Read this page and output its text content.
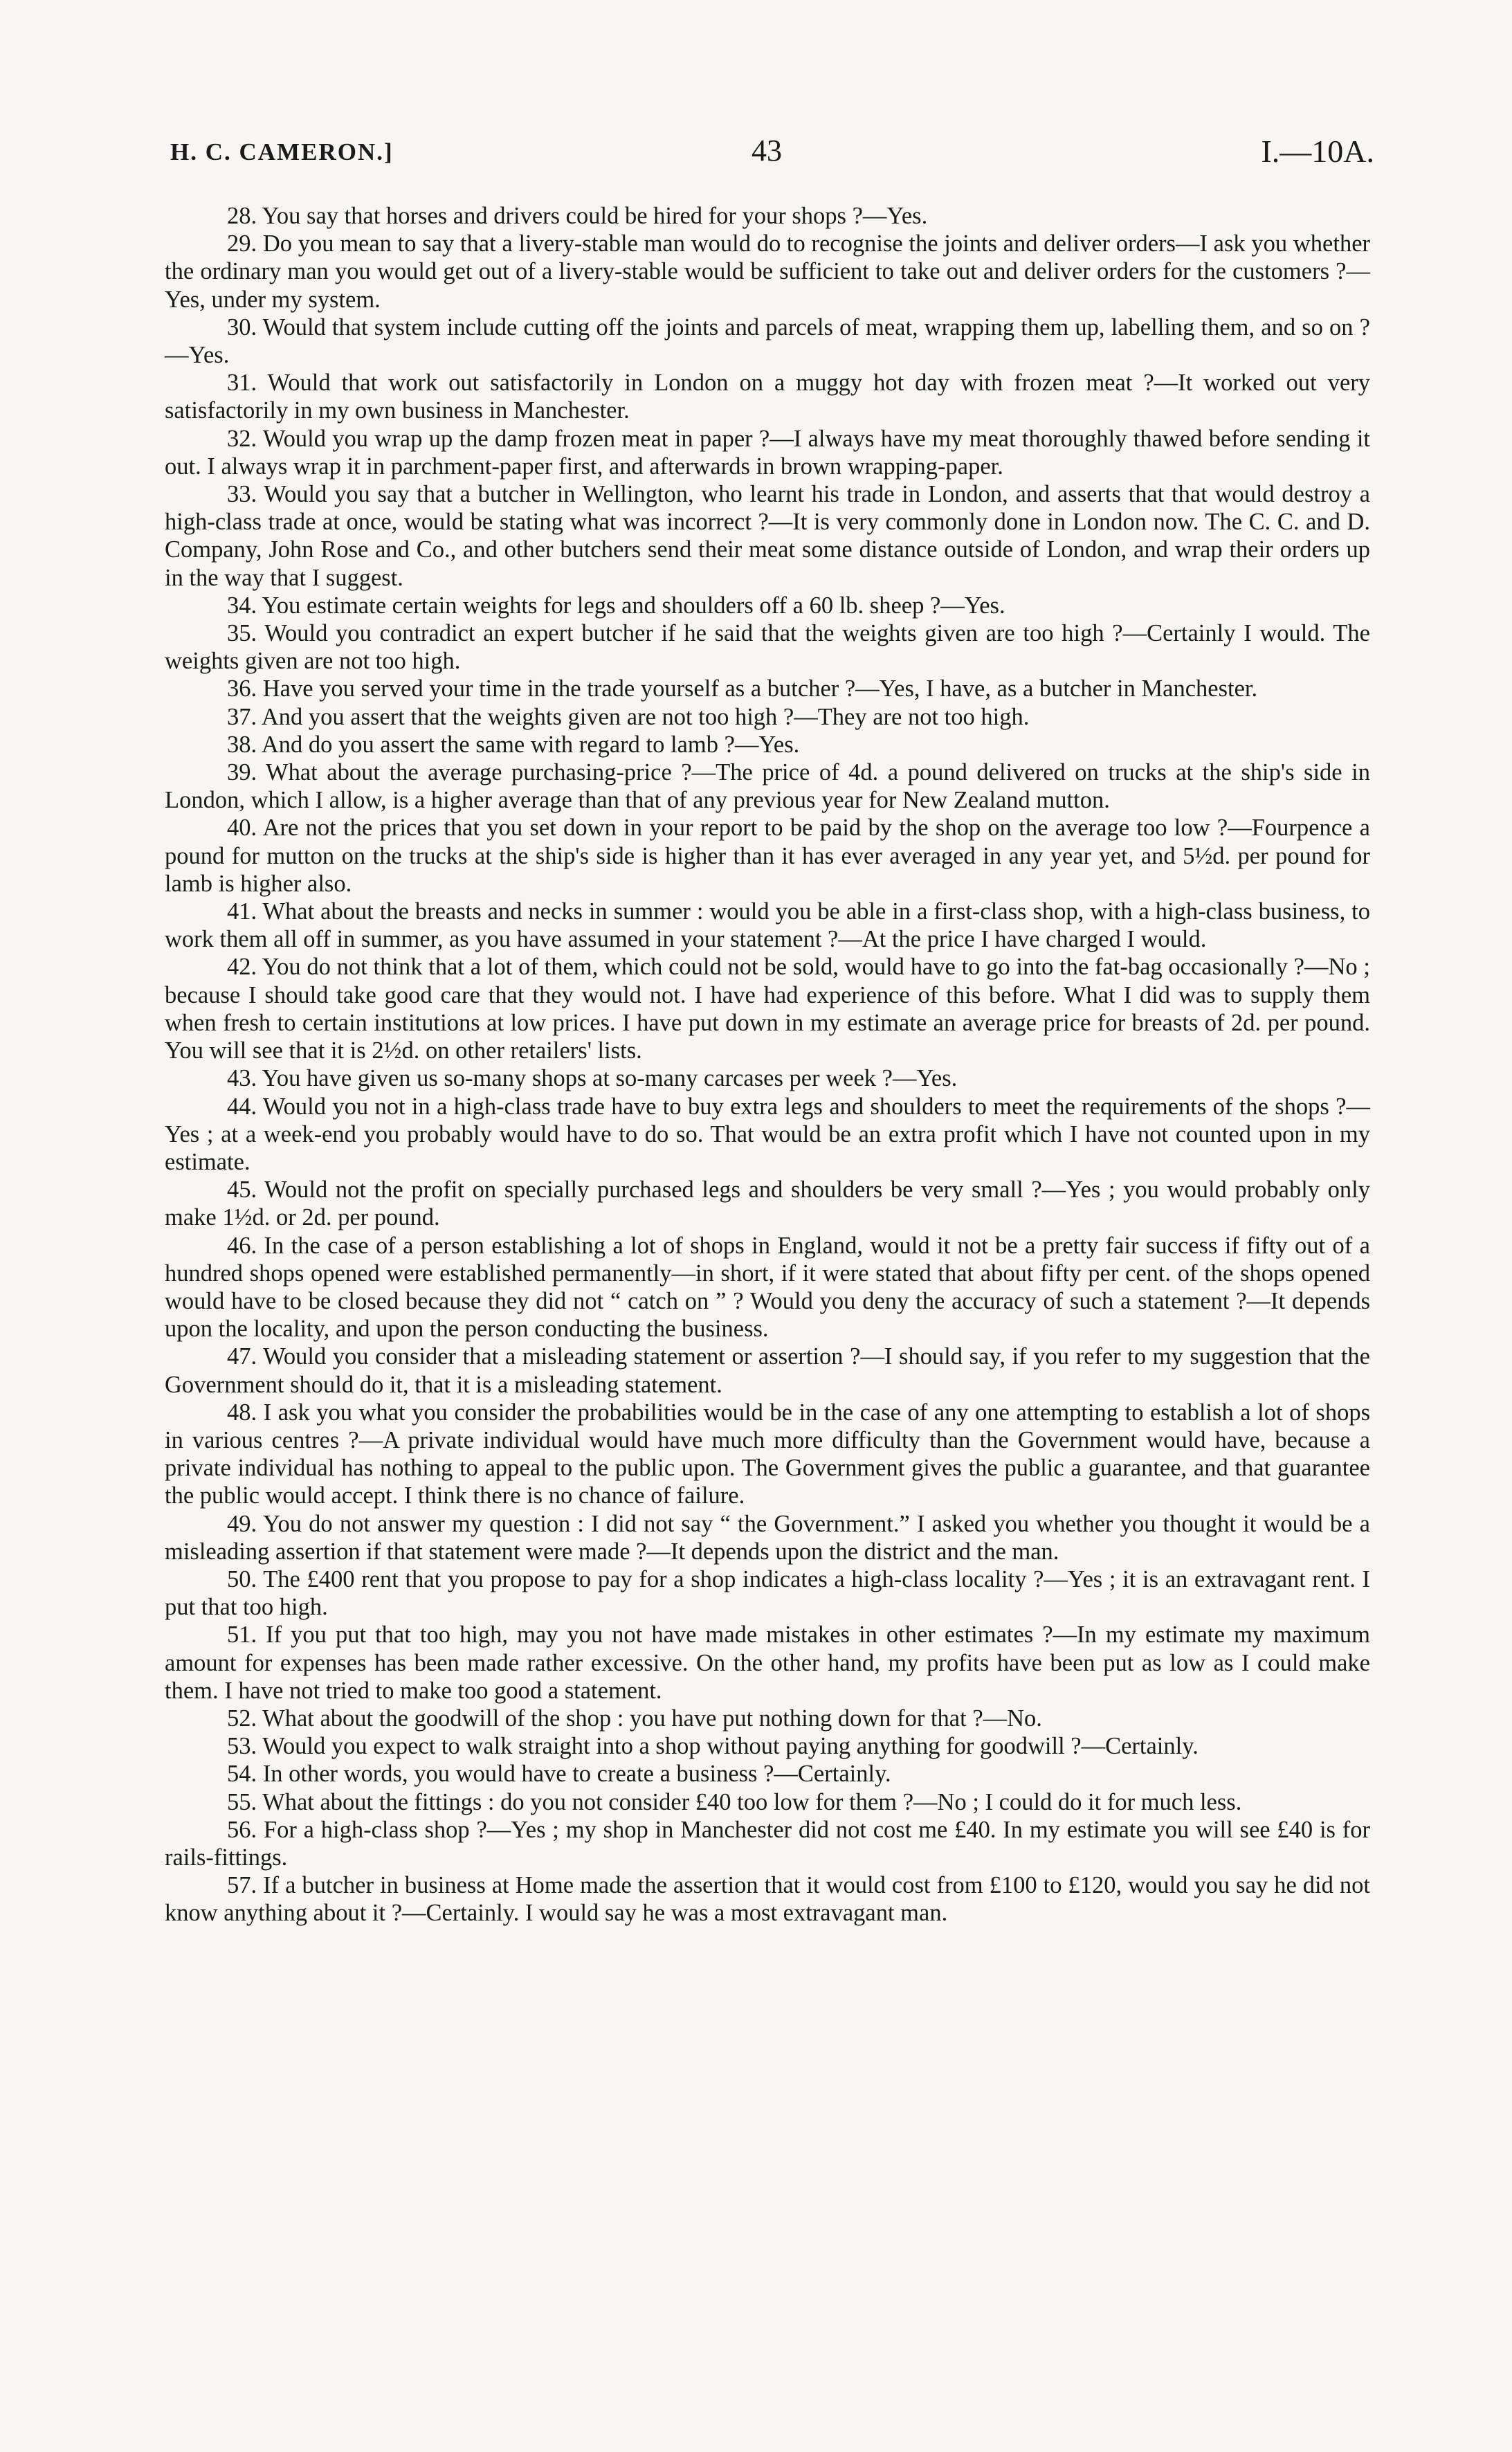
H. C. CAMERON.]	43	I.—10A.

28. You say that horses and drivers could be hired for your shops ?—Yes.

29. Do you mean to say that a livery-stable man would do to recognise the joints and deliver orders—I ask you whether the ordinary man you would get out of a livery-stable would be sufficient to take out and deliver orders for the customers ?—Yes, under my system.

30. Would that system include cutting off the joints and parcels of meat, wrapping them up, labelling them, and so on ?—Yes.

31. Would that work out satisfactorily in London on a muggy hot day with frozen meat ?—It worked out very satisfactorily in my own business in Manchester.

32. Would you wrap up the damp frozen meat in paper ?—I always have my meat thoroughly thawed before sending it out. I always wrap it in parchment-paper first, and afterwards in brown wrapping-paper.

33. Would you say that a butcher in Wellington, who learnt his trade in London, and asserts that that would destroy a high-class trade at once, would be stating what was incorrect ?—It is very commonly done in London now. The C. C. and D. Company, John Rose and Co., and other butchers send their meat some distance outside of London, and wrap their orders up in the way that I suggest.

34. You estimate certain weights for legs and shoulders off a 60 lb. sheep ?—Yes.

35. Would you contradict an expert butcher if he said that the weights given are too high ?—Certainly I would. The weights given are not too high.

36. Have you served your time in the trade yourself as a butcher ?—Yes, I have, as a butcher in Manchester.

37. And you assert that the weights given are not too high ?—They are not too high.

38. And do you assert the same with regard to lamb ?—Yes.

39. What about the average purchasing-price ?—The price of 4d. a pound delivered on trucks at the ship's side in London, which I allow, is a higher average than that of any previous year for New Zealand mutton.

40. Are not the prices that you set down in your report to be paid by the shop on the average too low ?—Fourpence a pound for mutton on the trucks at the ship's side is higher than it has ever averaged in any year yet, and 5½d. per pound for lamb is higher also.

41. What about the breasts and necks in summer : would you be able in a first-class shop, with a high-class business, to work them all off in summer, as you have assumed in your statement ?—At the price I have charged I would.

42. You do not think that a lot of them, which could not be sold, would have to go into the fat-bag occasionally ?—No ; because I should take good care that they would not. I have had experience of this before. What I did was to supply them when fresh to certain institutions at low prices. I have put down in my estimate an average price for breasts of 2d. per pound. You will see that it is 2½d. on other retailers' lists.

43. You have given us so-many shops at so-many carcases per week ?—Yes.

44. Would you not in a high-class trade have to buy extra legs and shoulders to meet the requirements of the shops ?—Yes ; at a week-end you probably would have to do so. That would be an extra profit which I have not counted upon in my estimate.

45. Would not the profit on specially purchased legs and shoulders be very small ?—Yes ; you would probably only make 1½d. or 2d. per pound.

46. In the case of a person establishing a lot of shops in England, would it not be a pretty fair success if fifty out of a hundred shops opened were established permanently—in short, if it were stated that about fifty per cent. of the shops opened would have to be closed because they did not “ catch on ” ? Would you deny the accuracy of such a statement ?—It depends upon the locality, and upon the person conducting the business.

47. Would you consider that a misleading statement or assertion ?—I should say, if you refer to my suggestion that the Government should do it, that it is a misleading statement.

48. I ask you what you consider the probabilities would be in the case of any one attempting to establish a lot of shops in various centres ?—A private individual would have much more difficulty than the Government would have, because a private individual has nothing to appeal to the public upon. The Government gives the public a guarantee, and that guarantee the public would accept. I think there is no chance of failure.

49. You do not answer my question : I did not say “ the Government.” I asked you whether you thought it would be a misleading assertion if that statement were made ?—It depends upon the district and the man.

50. The £400 rent that you propose to pay for a shop indicates a high-class locality ?—Yes ; it is an extravagant rent. I put that too high.

51. If you put that too high, may you not have made mistakes in other estimates ?—In my estimate my maximum amount for expenses has been made rather excessive. On the other hand, my profits have been put as low as I could make them. I have not tried to make too good a statement.

52. What about the goodwill of the shop : you have put nothing down for that ?—No.

53. Would you expect to walk straight into a shop without paying anything for goodwill ?—Certainly.

54. In other words, you would have to create a business ?—Certainly.

55. What about the fittings : do you not consider £40 too low for them ?—No ; I could do it for much less.

56. For a high-class shop ?—Yes ; my shop in Manchester did not cost me £40. In my estimate you will see £40 is for rails-fittings.

57. If a butcher in business at Home made the assertion that it would cost from £100 to £120, would you say he did not know anything about it ?—Certainly. I would say he was a most extravagant man.
